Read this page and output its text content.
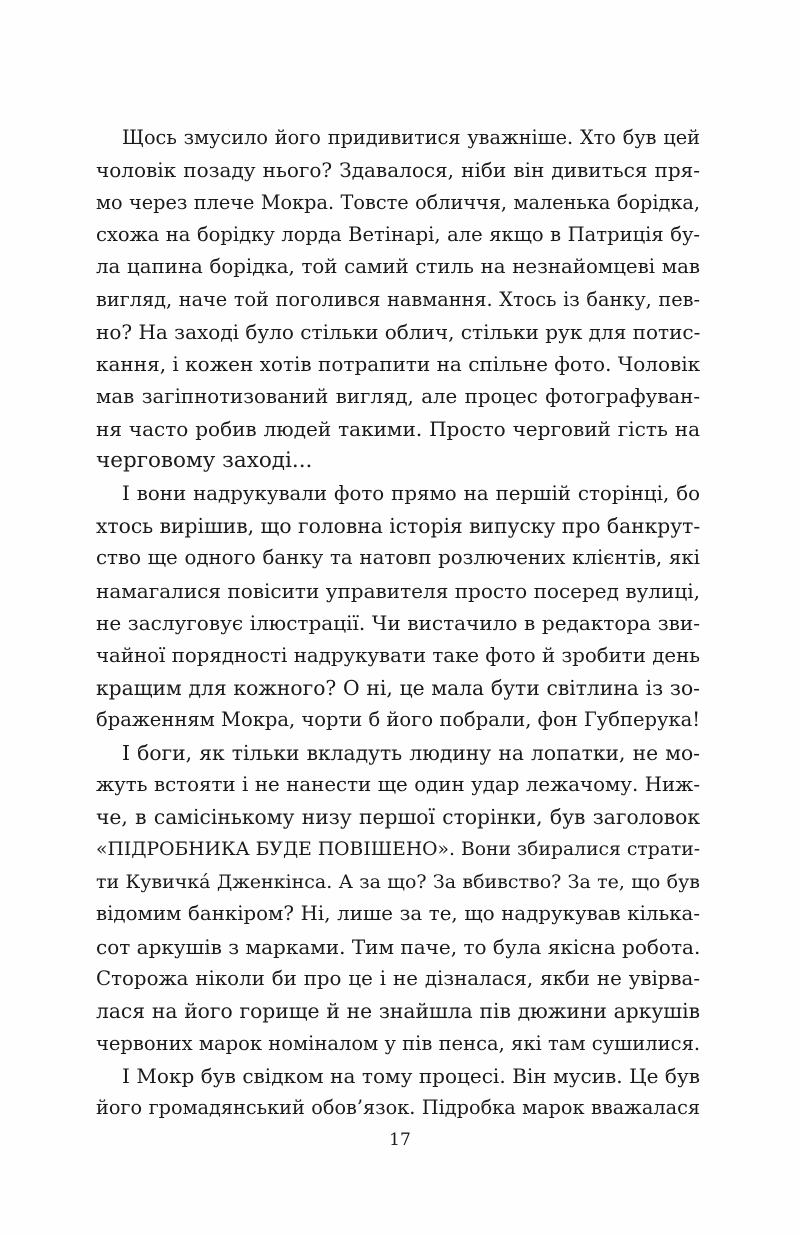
Щось змусило його придивитися уважніше. Хто був цей
чоловік позаду нього? Здавалося, ніби він дивиться пря-
мо через плече Мокра. Товсте обличчя, маленька борідка,
схожа на борідку лорда Ветінарі, але якщо в Патриція бу-
ла цапина борідка, той самий стиль на незнайомцеві мав
вигляд, наче той поголився навмання. Хтось із банку, пев-
но? На заході було стільки облич, стільки рук для потис-
кання, і кожен хотів потрапити на спільне фото. Чоловік
мав загіпнотизований вигляд, але процес фотографуван-
ня часто робив людей такими. Просто черговий гість на
черговому заході...
І вони надрукували фото прямо на першій сторінці, бо
хтось вирішив, що головна історія випуску про банкрут-
ство ще одного банку та натовп розлючених клієнтів, які
намагалися повісити управителя просто посеред вулиці,
не заслуговує ілюстрації. Чи вистачило в редактора зви-
чайної порядності надрукувати таке фото й зробити день
кращим для кожного? О ні, це мала бути світлина із зо-
браженням Мокра, чорти б його побрали, фон Губперука!
І боги, як тільки вкладуть людину на лопатки, не мо-
жуть встояти і не нанести ще один удар лежачому. Ниж-
че, в самісінькому низу першої сторінки, був заголовок
«ПІДРОБНИКА БУДЕ ПОВІШЕНО». Вони збиралися страти-
ти Кувичкá Дженкінса. А за що? За вбивство? За те, що був
відомим банкіром? Ні, лише за те, що надрукував кілька-
сот аркушів з марками. Тим паче, то була якісна робота.
Сторожа ніколи би про це і не дізналася, якби не увірва-
лася на його горище й не знайшла пів дюжини аркушів
червоних марок номіналом у пів пенса, які там сушилися.
І Мокр був свідком на тому процесі. Він мусив. Це був
його громадянський обов’язок. Підробка марок вважалася
17
